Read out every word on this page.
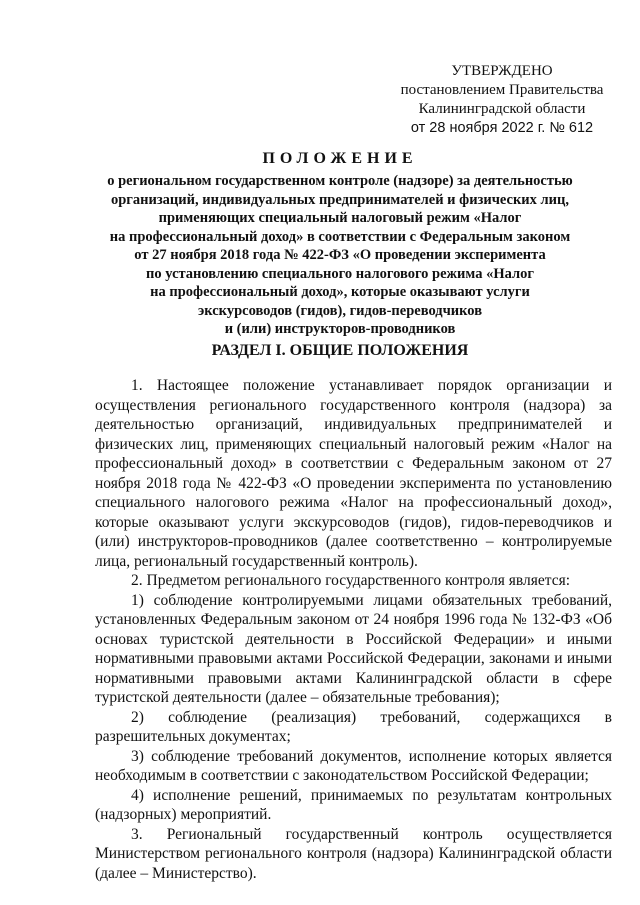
УТВЕРЖДЕНО
постановлением Правительства
Калининградской области
от 28 ноября 2022 г. № 612
ПОЛОЖЕНИЕ
о региональном государственном контроле (надзоре) за деятельностью
организаций, индивидуальных предпринимателей и физических лиц,
применяющих специальный налоговый режим «Налог
на профессиональный доход» в соответствии с Федеральным законом
от 27 ноября 2018 года № 422-ФЗ «О проведении эксперимента
по установлению специального налогового режима «Налог
на профессиональный доход», которые оказывают услуги
экскурсоводов (гидов), гидов-переводчиков
и (или) инструкторов-проводников
РАЗДЕЛ I. ОБЩИЕ ПОЛОЖЕНИЯ

1. Настоящее положение устанавливает порядок организации и осуществления регионального государственного контроля (надзора) за деятельностью организаций, индивидуальных предпринимателей и физических лиц, применяющих специальный налоговый режим «Налог на профессиональный доход» в соответствии с Федеральным законом от 27 ноября 2018 года № 422-ФЗ «О проведении эксперимента по установлению специального налогового режима «Налог на профессиональный доход», которые оказывают услуги экскурсоводов (гидов), гидов-переводчиков и (или) инструкторов-проводников (далее соответственно – контролируемые лица, региональный государственный контроль).

2. Предметом регионального государственного контроля является:

1) соблюдение контролируемыми лицами обязательных требований, установленных Федеральным законом от 24 ноября 1996 года № 132-ФЗ «Об основах туристской деятельности в Российской Федерации» и иными нормативными правовыми актами Российской Федерации, законами и иными нормативными правовыми актами Калининградской области в сфере туристской деятельности (далее – обязательные требования);

2) соблюдение (реализация) требований, содержащихся в разрешительных документах;

3) соблюдение требований документов, исполнение которых является необходимым в соответствии с законодательством Российской Федерации;

4) исполнение решений, принимаемых по результатам контрольных (надзорных) мероприятий.

3. Региональный государственный контроль осуществляется Министерством регионального контроля (надзора) Калининградской области (далее – Министерство).
